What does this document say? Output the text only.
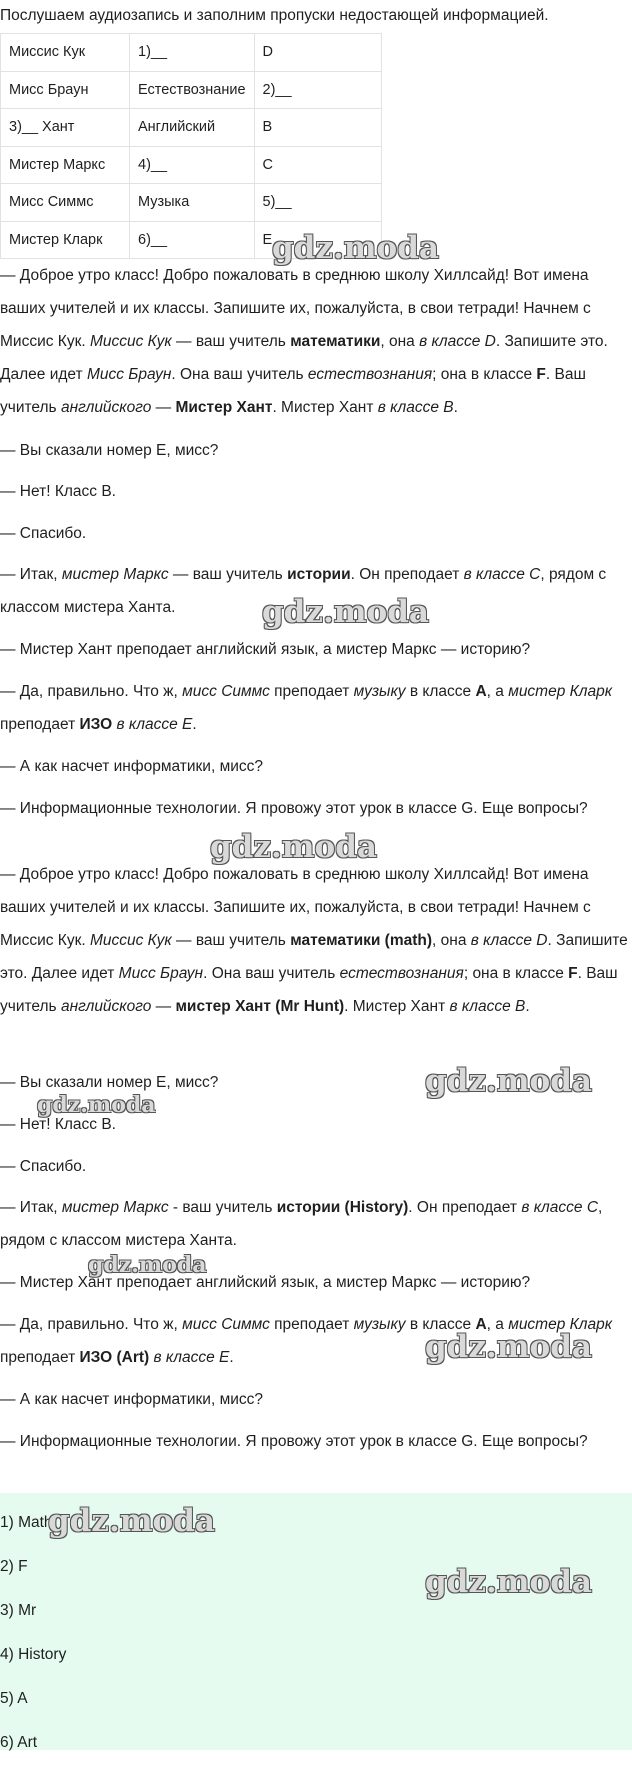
Послушаем аудиозапись и заполним пропуски недостающей информацией.
Миссис Кук	1)__	D
Мисс Браун	Естествознание	2)__
3)__ Хант	Английский	B
Мистер Маркс	4)__	C
Мисс Симмс	Музыка	5)__
Мистер Кларк	6)__	E
— Доброе утро класс! Добро пожаловать в среднюю школу Хиллсайд! Вот имена ваших учителей и их классы. Запишите их, пожалуйста, в свои тетради! Начнем с Миссис Кук. Миссис Кук — ваш учитель математики, она в классе D. Запишите это. Далее идет Мисс Браун. Она ваш учитель естествознания; она в классе F. Ваш учитель английского — Мистер Хант. Мистер Хант в классе B.
— Вы сказали номер E, мисс?
— Нет! Класс B.
— Спасибо.
— Итак, мистер Маркс — ваш учитель истории. Он преподает в классе C, рядом с классом мистера Ханта.
— Мистер Хант преподает английский язык, а мистер Маркс — историю?
— Да, правильно. Что ж, мисс Симмс преподает музыку в классе A, а мистер Кларк преподает ИЗО в классе E.
— А как насчет информатики, мисс?
— Информационные технологии. Я провожу этот урок в классе G. Еще вопросы?
— Доброе утро класс! Добро пожаловать в среднюю школу Хиллсайд! Вот имена ваших учителей и их классы. Запишите их, пожалуйста, в свои тетради! Начнем с Миссис Кук. Миссис Кук — ваш учитель математики (math), она в классе D. Запишите это. Далее идет Мисс Браун. Она ваш учитель естествознания; она в классе F. Ваш учитель английского — мистер Хант (Mr Hunt). Мистер Хант в классе B.
— Вы сказали номер E, мисс?
— Нет! Класс B.
— Спасибо.
— Итак, мистер Маркс - ваш учитель истории (History). Он преподает в классе C, рядом с классом мистера Ханта.
— Мистер Хант преподает английский язык, а мистер Маркс — историю?
— Да, правильно. Что ж, мисс Симмс преподает музыку в классе A, а мистер Кларк преподает ИЗО (Art) в классе E.
— А как насчет информатики, мисс?
— Информационные технологии. Я провожу этот урок в классе G. Еще вопросы?
1) Math
2) F
3) Mr
4) History
5) A
6) Art
gdz.moda
gdz.moda
gdz.moda
gdz.moda
gdz.moda
gdz.moda
gdz.moda
gdz.moda
gdz.moda
